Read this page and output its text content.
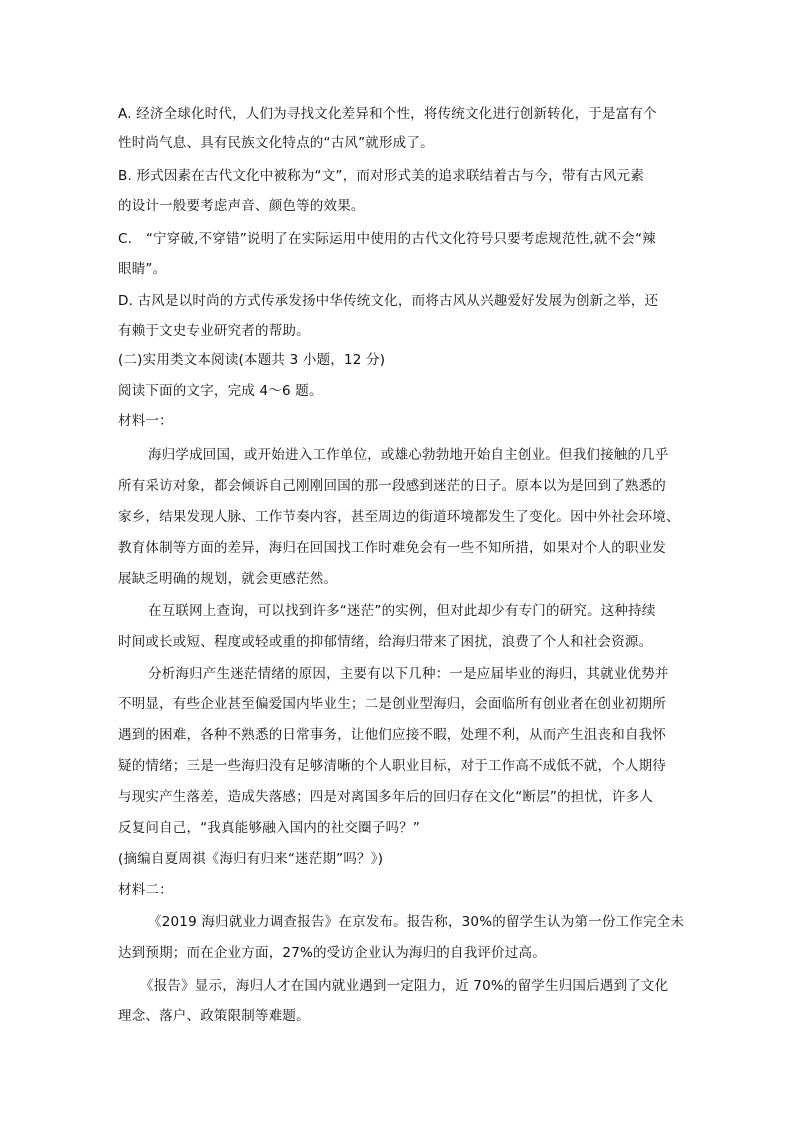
A. 经济全球化时代，人们为寻找文化差异和个性，将传统文化进行创新转化，于是富有个
性时尚气息、具有民族文化特点的“古风”就形成了。
B. 形式因素在古代文化中被称为“文”，而对形式美的追求联结着古与今，带有古风元素
的设计一般要考虑声音、颜色等的效果。
C.　“宁穿破,不穿错”说明了在实际运用中使用的古代文化符号只要考虑规范性,就不会“辣
眼睛”。
D. 古风是以时尚的方式传承发扬中华传统文化，而将古风从兴趣爱好发展为创新之举，还
有赖于文史专业研究者的帮助。
(二)实用类文本阅读(本题共 3 小题，12 分)
阅读下面的文字，完成 4～6 题。
材料一：
海归学成回国，或开始进入工作单位，或雄心勃勃地开始自主创业。但我们接触的几乎
所有采访对象，都会倾诉自己刚刚回国的那一段感到迷茫的日子。原本以为是回到了熟悉的
家乡，结果发现人脉、工作节奏内容，甚至周边的街道环境都发生了变化。因中外社会环境、
教育体制等方面的差异，海归在回国找工作时难免会有一些不知所措，如果对个人的职业发
展缺乏明确的规划，就会更感茫然。
在互联网上查询，可以找到许多“迷茫”的实例，但对此却少有专门的研究。这种持续
时间或长或短、程度或轻或重的抑郁情绪，给海归带来了困扰，浪费了个人和社会资源。
分析海归产生迷茫情绪的原因，主要有以下几种：一是应届毕业的海归，其就业优势并
不明显，有些企业甚至偏爱国内毕业生；二是创业型海归，会面临所有创业者在创业初期所
遇到的困难，各种不熟悉的日常事务，让他们应接不暇，处理不利，从而产生沮丧和自我怀
疑的情绪；三是一些海归没有足够清晰的个人职业目标，对于工作高不成低不就，个人期待
与现实产生落差，造成失落感；四是对离国多年后的回归存在文化“断层”的担忧，许多人
反复问自己，“我真能够融入国内的社交圈子吗？”
(摘编自夏周祺《海归有归来“迷茫期”吗？》)
材料二：
《2019 海归就业力调查报告》在京发布。报告称，30%的留学生认为第一份工作完全未
达到预期；而在企业方面，27%的受访企业认为海归的自我评价过高。
《报告》显示，海归人才在国内就业遇到一定阻力，近 70%的留学生归国后遇到了文化
理念、落户、政策限制等难题。
